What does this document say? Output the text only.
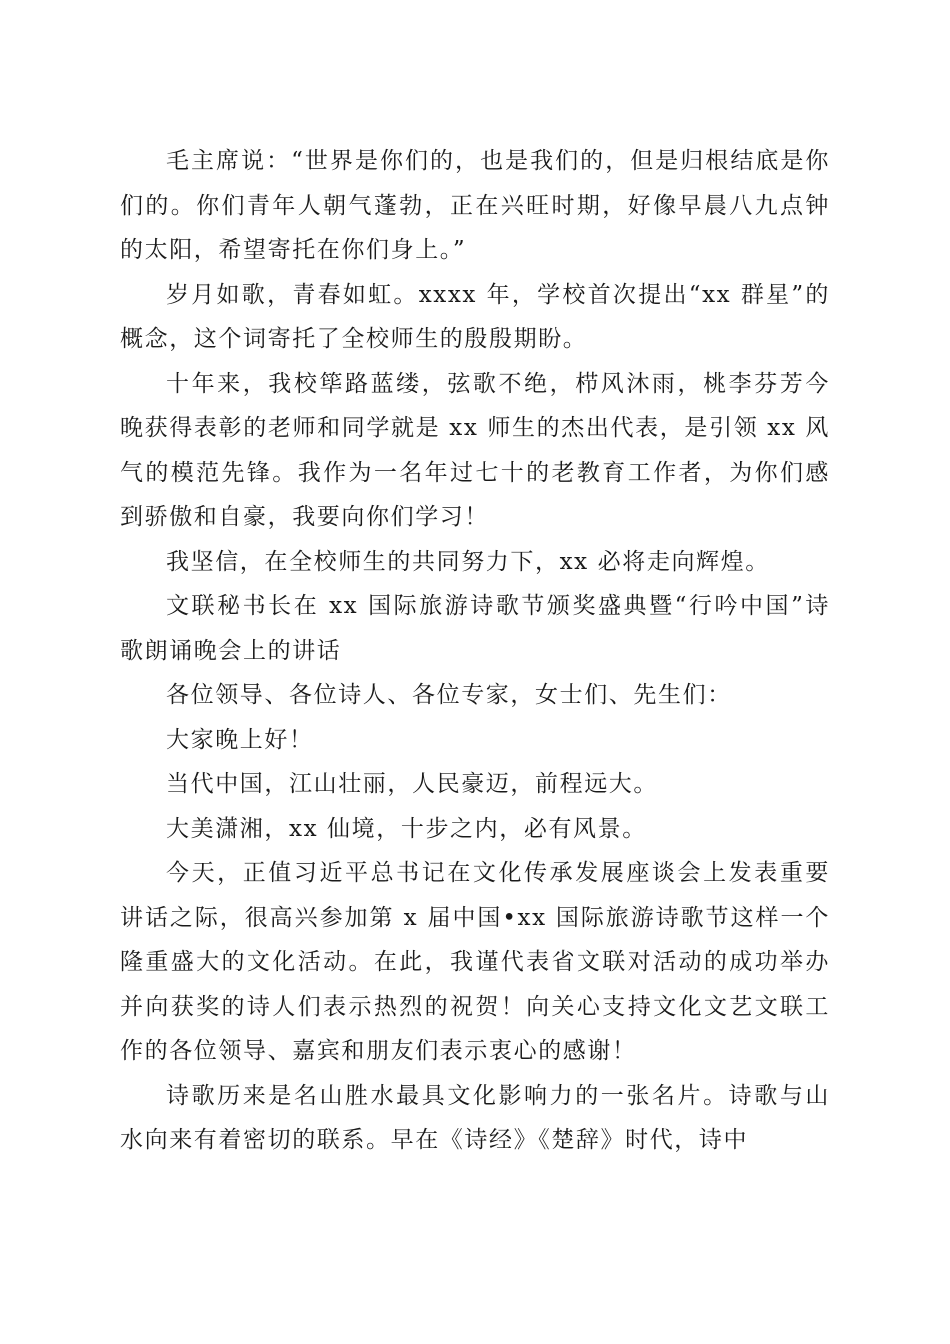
毛主席说：“世界是你们的，也是我们的，但是归根结底是你们的。你们青年人朝气蓬勃，正在兴旺时期，好像早晨八九点钟的太阳，希望寄托在你们身上。”

岁月如歌，青春如虹。xxxx 年，学校首次提出“xx 群星”的概念，这个词寄托了全校师生的殷殷期盼。

十年来，我校筚路蓝缕，弦歌不绝，栉风沐雨，桃李芬芳今晚获得表彰的老师和同学就是 xx 师生的杰出代表，是引领 xx 风气的模范先锋。我作为一名年过七十的老教育工作者，为你们感到骄傲和自豪，我要向你们学习！

我坚信，在全校师生的共同努力下，xx 必将走向辉煌。

文联秘书长在 xx 国际旅游诗歌节颁奖盛典暨“行吟中国”诗歌朗诵晚会上的讲话

各位领导、各位诗人、各位专家，女士们、先生们：

大家晚上好！

当代中国，江山壮丽，人民豪迈，前程远大。

大美潇湘，xx 仙境，十步之内，必有风景。

今天，正值习近平总书记在文化传承发展座谈会上发表重要讲话之际，很高兴参加第 x 届中国•xx 国际旅游诗歌节这样一个隆重盛大的文化活动。在此，我谨代表省文联对活动的成功举办并向获奖的诗人们表示热烈的祝贺！向关心支持文化文艺文联工作的各位领导、嘉宾和朋友们表示衷心的感谢！

诗歌历来是名山胜水最具文化影响力的一张名片。诗歌与山水向来有着密切的联系。早在《诗经》《楚辞》时代，诗中
